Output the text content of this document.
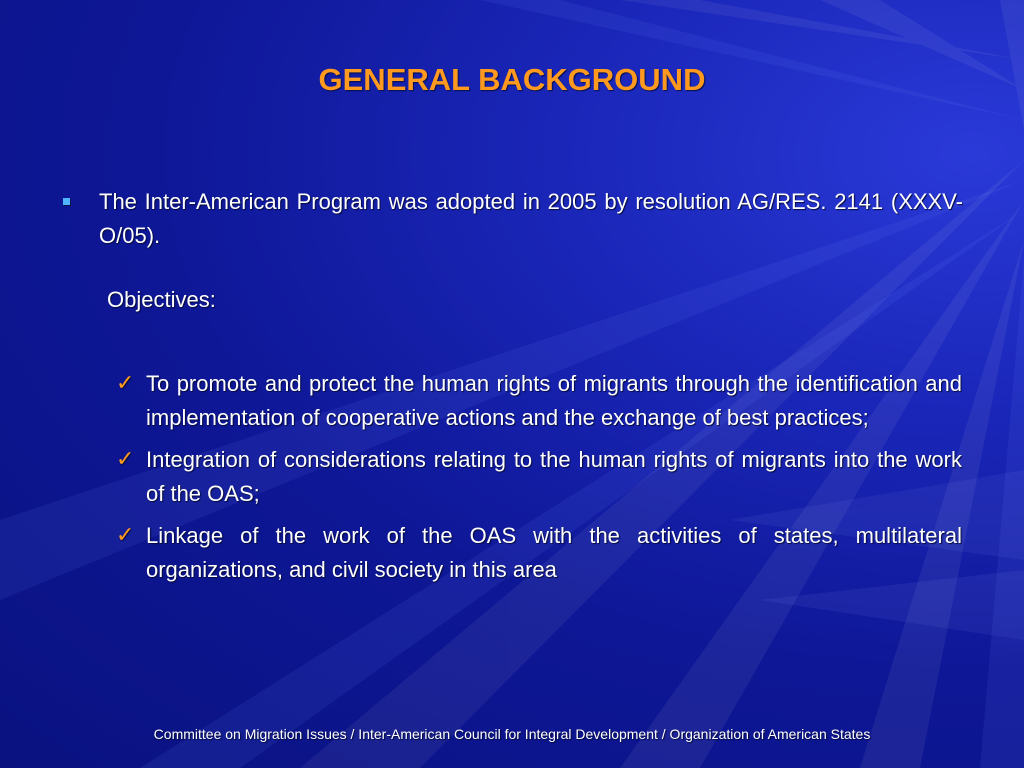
GENERAL BACKGROUND
The Inter-American Program was adopted in 2005 by resolution AG/RES. 2141 (XXXV-O/05).
Objectives:
✓ To promote and protect the human rights of migrants through the identification and implementation of cooperative actions and the exchange of best practices;
✓ Integration of considerations relating to the human rights of migrants into the work of the OAS;
✓ Linkage of the work of the OAS with the activities of states, multilateral organizations, and civil society in this area
Committee on Migration Issues / Inter-American Council for Integral Development / Organization of American States
